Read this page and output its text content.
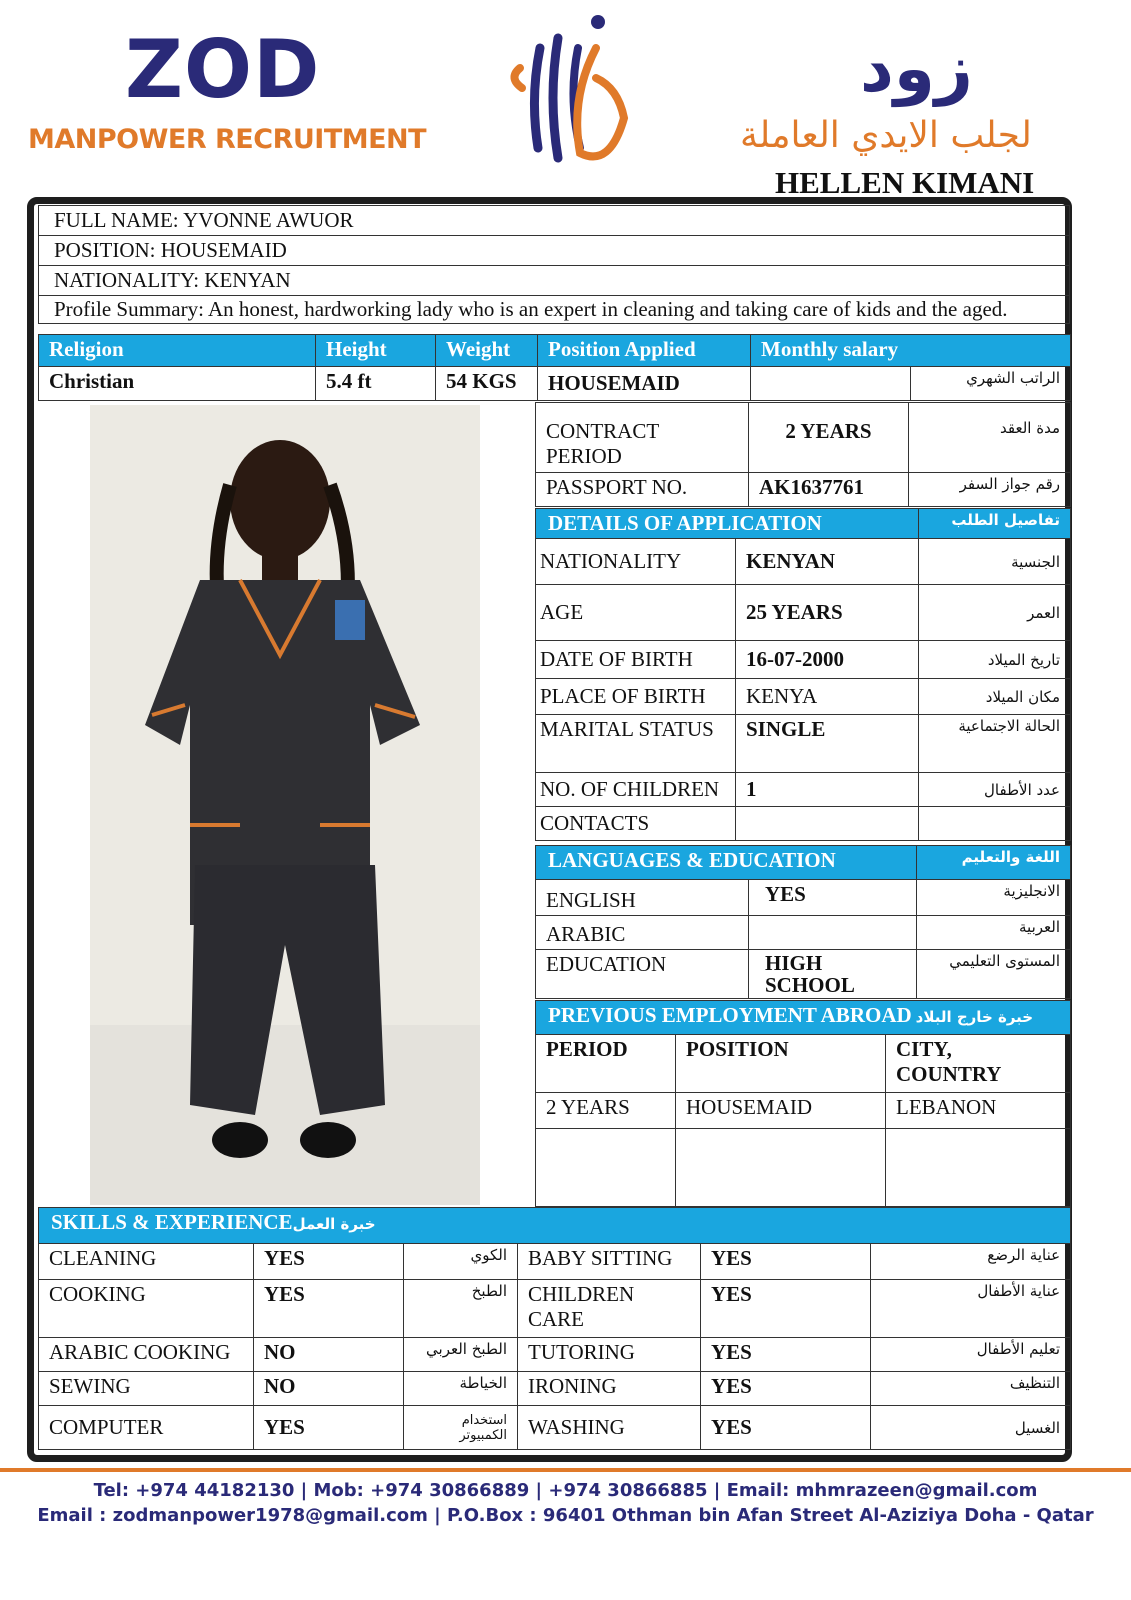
ZOD
MANPOWER RECRUITMENT
زود
لجلب الايدي العاملة
HELLEN KIMANI
FULL NAME: YVONNE AWUOR
POSITION: HOUSEMAID
NATIONALITY: KENYAN
Profile Summary: An honest, hardworking lady who is an expert in cleaning and taking care of kids and the aged.
Religion	Height	Weight	Position Applied	Monthly salary	
Christian	5.4 ft	54 KGS	HOUSEMAID		الراتب الشهري
CONTRACT PERIOD	2 YEARS	مدة العقد
PASSPORT NO.	AK1637761	رقم جواز السفر
DETAILS OF APPLICATION		تفاصيل الطلب
NATIONALITY	KENYAN	الجنسية
AGE	25 YEARS	العمر
DATE OF BIRTH	16-07-2000	تاريخ الميلاد
PLACE OF BIRTH	KENYA	مكان الميلاد
MARITAL STATUS	SINGLE	الحالة الاجتماعية
NO. OF CHILDREN	1	عدد الأطفال
CONTACTS		
LANGUAGES & EDUCATION		اللغة والتعليم
ENGLISH	YES	الانجليزية
ARABIC		العربية
EDUCATION	HIGH SCHOOL	المستوى التعليمي
PREVIOUS EMPLOYMENT ABROAD خبرة خارج البلاد		
PERIOD	POSITION	CITY, COUNTRY
2 YEARS	HOUSEMAID	LEBANON

SKILLS & EXPERIENCEخبرة العمل					
CLEANING	YES	الكوي	BABY SITTING	YES	عناية الرضع
COOKING	YES	الطبخ	CHILDREN CARE	YES	عناية الأطفال
ARABIC COOKING	NO	الطبخ العربي	TUTORING	YES	تعليم الأطفال
SEWING	NO	الخياطة	IRONING	YES	التنظيف
COMPUTER	YES	استخدام الكمبيوتر	WASHING	YES	الغسيل
Tel: +974 44182130 | Mob: +974 30866889 | +974 30866885 | Email: mhmrazeen@gmail.com
Email : zodmanpower1978@gmail.com | P.O.Box : 96401 Othman bin Afan Street Al-Aziziya Doha - Qatar
